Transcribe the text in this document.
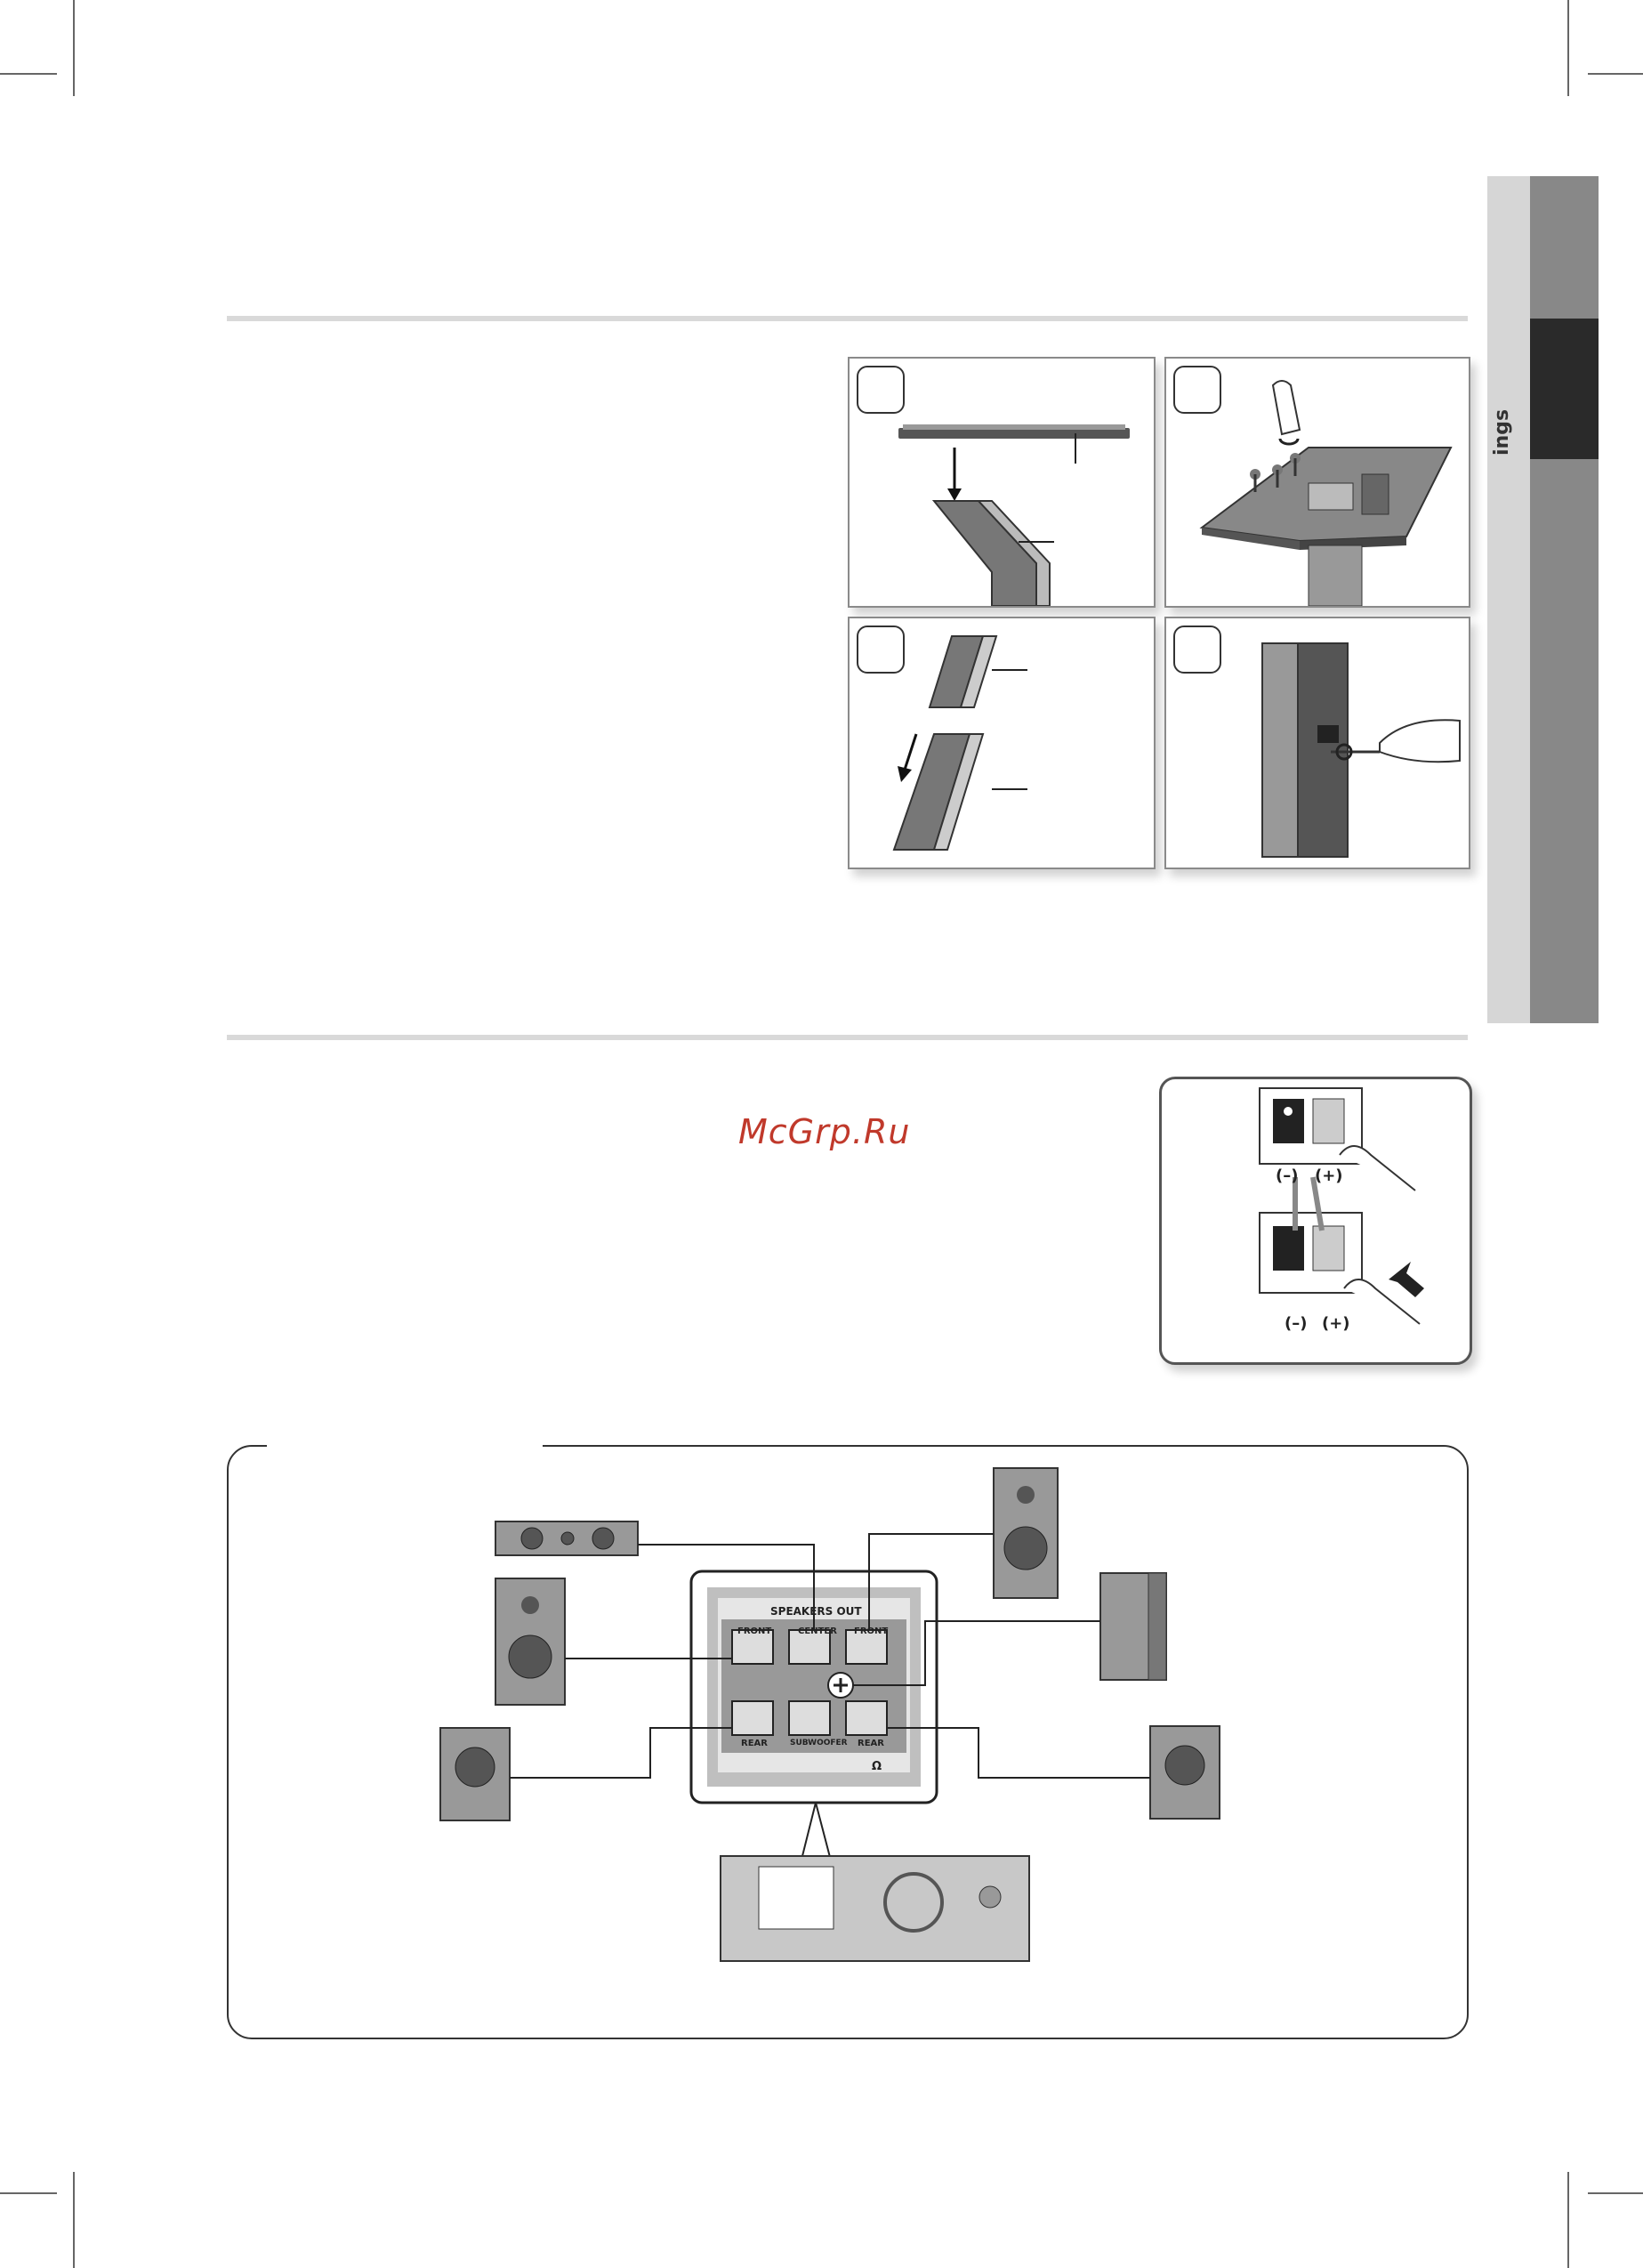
ings
(–) (+)
(–) (+)
McGrp.Ru
SPEAKERS OUT
FRONT	CENTER FRONT
REAR	SUBWOOFER REAR
Ω
